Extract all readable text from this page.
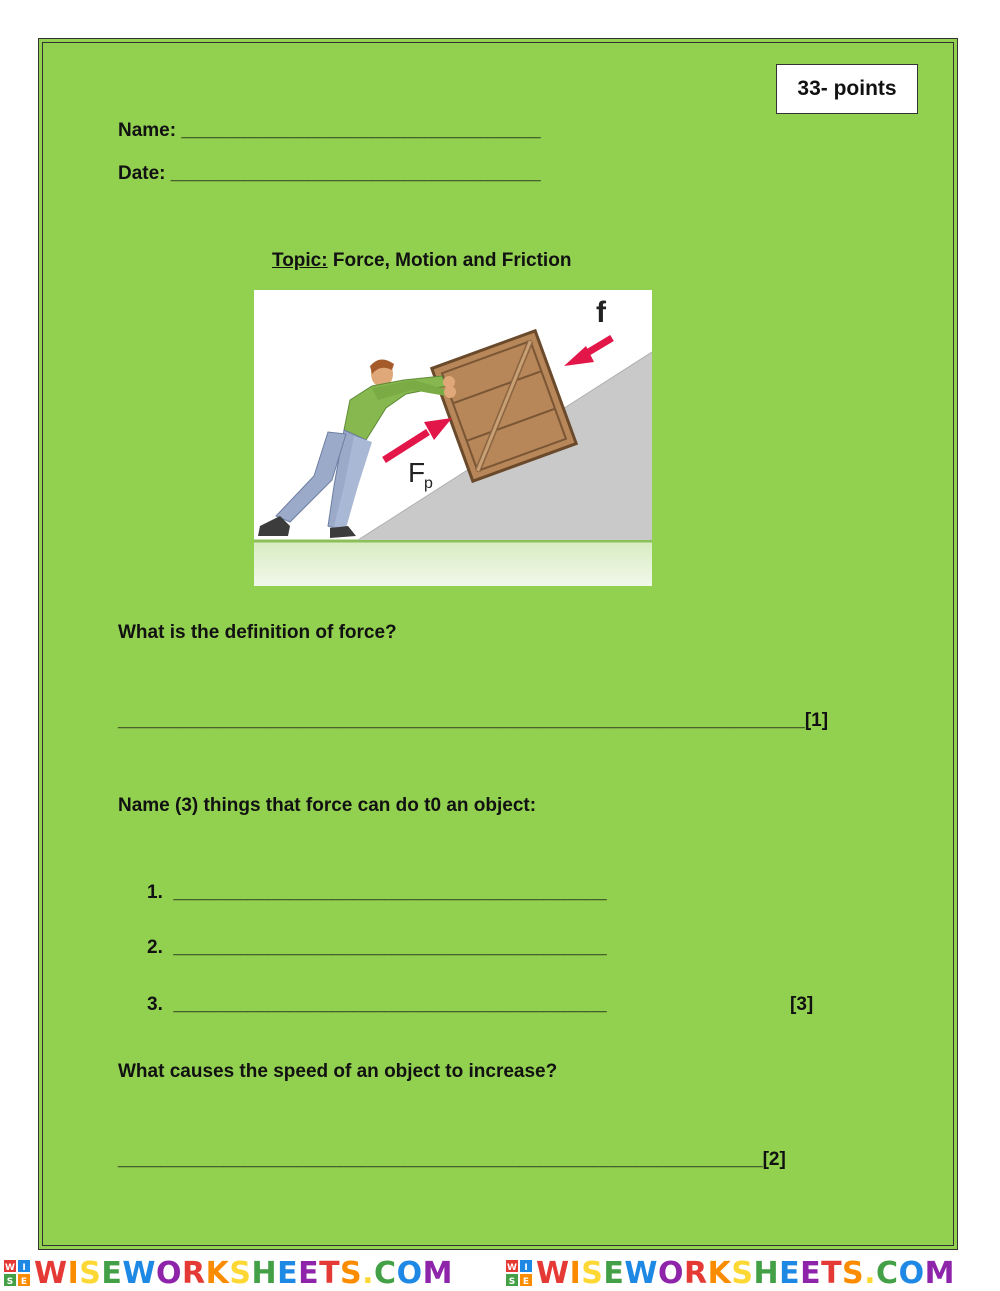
33- points
Name: __________________________________
Date: ___________________________________
Topic: Force, Motion and Friction
f
F
p
What is the definition of force?
_________________________________________________________________[1]
Name (3) things that force can do t0 an object:
1. _________________________________________
2. _________________________________________
3. _________________________________________	[3]
What causes the speed of an object to increase?
_____________________________________________________________[2]
W I
S E WISEWORKSHEETS.COM	W I
S E WISEWORKSHEETS.COM
